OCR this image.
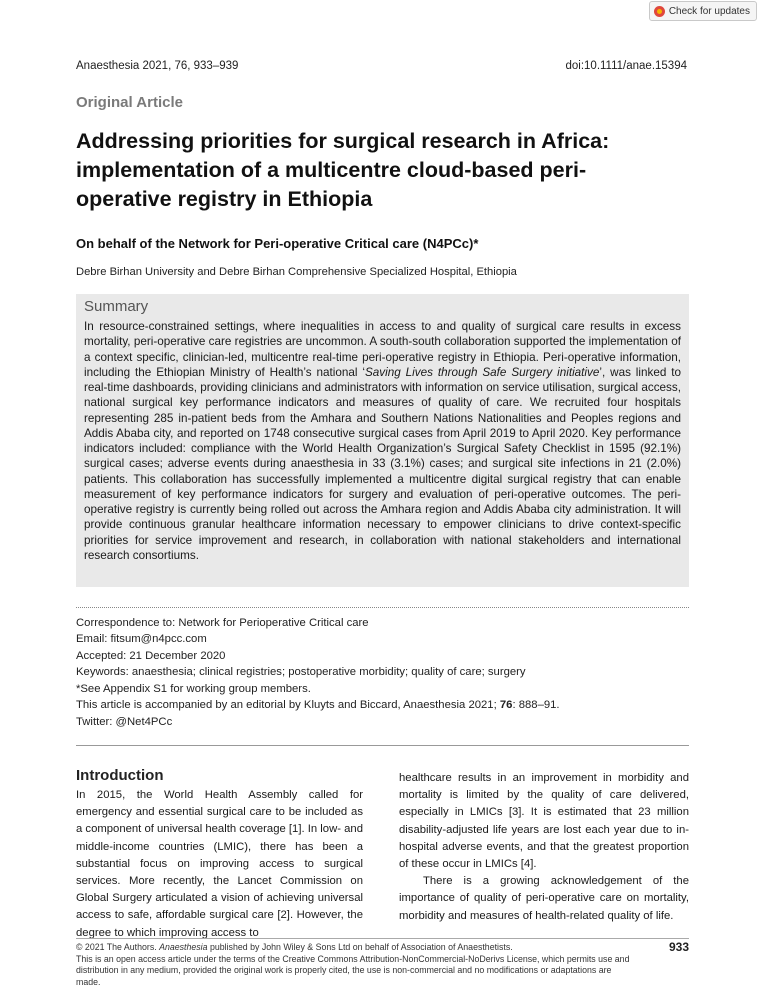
Check for updates
Anaesthesia 2021, 76, 933–939	doi:10.1111/anae.15394
Original Article
Addressing priorities for surgical research in Africa: implementation of a multicentre cloud-based peri-operative registry in Ethiopia
On behalf of the Network for Peri-operative Critical care (N4PCc)*
Debre Birhan University and Debre Birhan Comprehensive Specialized Hospital, Ethiopia
Summary
In resource-constrained settings, where inequalities in access to and quality of surgical care results in excess mortality, peri-operative care registries are uncommon. A south-south collaboration supported the implementation of a context specific, clinician-led, multicentre real-time peri-operative registry in Ethiopia. Peri-operative information, including the Ethiopian Ministry of Health’s national ‘Saving Lives through Safe Surgery initiative’, was linked to real-time dashboards, providing clinicians and administrators with information on service utilisation, surgical access, national surgical key performance indicators and measures of quality of care. We recruited four hospitals representing 285 in-patient beds from the Amhara and Southern Nations Nationalities and Peoples regions and Addis Ababa city, and reported on 1748 consecutive surgical cases from April 2019 to April 2020. Key performance indicators included: compliance with the World Health Organization’s Surgical Safety Checklist in 1595 (92.1%) surgical cases; adverse events during anaesthesia in 33 (3.1%) cases; and surgical site infections in 21 (2.0%) patients. This collaboration has successfully implemented a multicentre digital surgical registry that can enable measurement of key performance indicators for surgery and evaluation of peri-operative outcomes. The peri-operative registry is currently being rolled out across the Amhara region and Addis Ababa city administration. It will provide continuous granular healthcare information necessary to empower clinicians to drive context-specific priorities for service improvement and research, in collaboration with national stakeholders and international research consortiums.
Correspondence to: Network for Perioperative Critical care
Email: fitsum@n4pcc.com
Accepted: 21 December 2020
Keywords: anaesthesia; clinical registries; postoperative morbidity; quality of care; surgery
*See Appendix S1 for working group members.
This article is accompanied by an editorial by Kluyts and Biccard, Anaesthesia 2021; 76: 888–91.
Twitter: @Net4PCc
Introduction
In 2015, the World Health Assembly called for emergency and essential surgical care to be included as a component of universal health coverage [1]. In low- and middle-income countries (LMIC), there has been a substantial focus on improving access to surgical services. More recently, the Lancet Commission on Global Surgery articulated a vision of achieving universal access to safe, affordable surgical care [2]. However, the degree to which improving access to
healthcare results in an improvement in morbidity and mortality is limited by the quality of care delivered, especially in LMICs [3]. It is estimated that 23 million disability-adjusted life years are lost each year due to in-hospital adverse events, and that the greatest proportion of these occur in LMICs [4].
There is a growing acknowledgement of the importance of quality of peri-operative care on mortality, morbidity and measures of health-related quality of life.
© 2021 The Authors. Anaesthesia published by John Wiley & Sons Ltd on behalf of Association of Anaesthetists.
This is an open access article under the terms of the Creative Commons Attribution-NonCommercial-NoDerivs License, which permits use and distribution in any medium, provided the original work is properly cited, the use is non-commercial and no modifications or adaptations are made.
933
